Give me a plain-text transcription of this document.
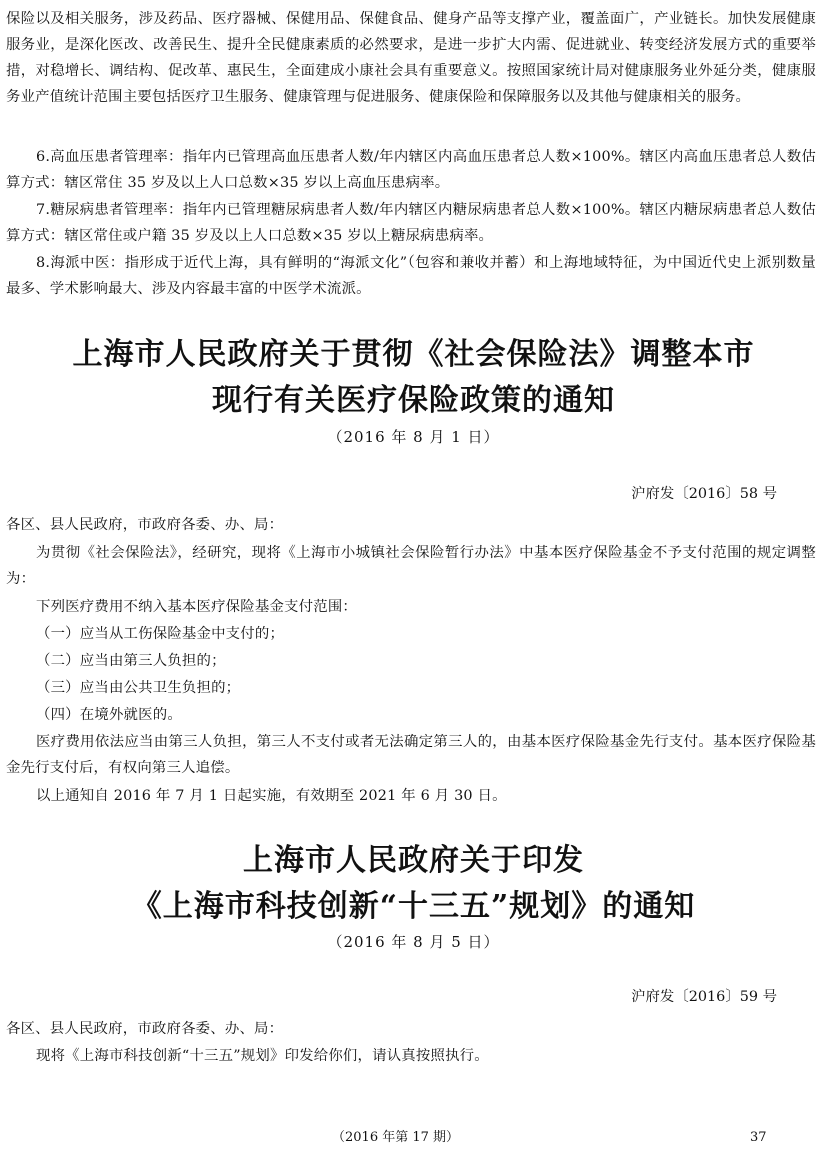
保险以及相关服务，涉及药品、医疗器械、保健用品、保健食品、健身产品等支撑产业，覆盖面广，产业链长。加快发展健康服务业，是深化医改、改善民生、提升全民健康素质的必然要求，是进一步扩大内需、促进就业、转变经济发展方式的重要举措，对稳增长、调结构、促改革、惠民生，全面建成小康社会具有重要意义。按照国家统计局对健康服务业外延分类，健康服务业产值统计范围主要包括医疗卫生服务、健康管理与促进服务、健康保险和保障服务以及其他与健康相关的服务。

6.高血压患者管理率：指年内已管理高血压患者人数/年内辖区内高血压患者总人数×100%。辖区内高血压患者总人数估算方式：辖区常住 35 岁及以上人口总数×35 岁以上高血压患病率。

7.糖尿病患者管理率：指年内已管理糖尿病患者人数/年内辖区内糖尿病患者总人数×100%。辖区内糖尿病患者总人数估算方式：辖区常住或户籍 35 岁及以上人口总数×35 岁以上糖尿病患病率。

8.海派中医：指形成于近代上海，具有鲜明的“海派文化”（包容和兼收并蓄）和上海地域特征，为中国近代史上派别数量最多、学术影响最大、涉及内容最丰富的中医学术流派。

上海市人民政府关于贯彻《社会保险法》调整本市
现行有关医疗保险政策的通知

（2016 年 8 月 1 日）

沪府发〔2016〕58 号

各区、县人民政府，市政府各委、办、局：

为贯彻《社会保险法》，经研究，现将《上海市小城镇社会保险暂行办法》中基本医疗保险基金不予支付范围的规定调整为：

下列医疗费用不纳入基本医疗保险基金支付范围：

（一）应当从工伤保险基金中支付的；

（二）应当由第三人负担的；

（三）应当由公共卫生负担的；

（四）在境外就医的。

医疗费用依法应当由第三人负担，第三人不支付或者无法确定第三人的，由基本医疗保险基金先行支付。基本医疗保险基金先行支付后，有权向第三人追偿。

以上通知自 2016 年 7 月 1 日起实施，有效期至 2021 年 6 月 30 日。

上海市人民政府关于印发
《上海市科技创新“十三五”规划》的通知

（2016 年 8 月 5 日）

沪府发〔2016〕59 号

各区、县人民政府，市政府各委、办、局：

现将《上海市科技创新“十三五”规划》印发给你们，请认真按照执行。

（2016 年第 17 期）	37
